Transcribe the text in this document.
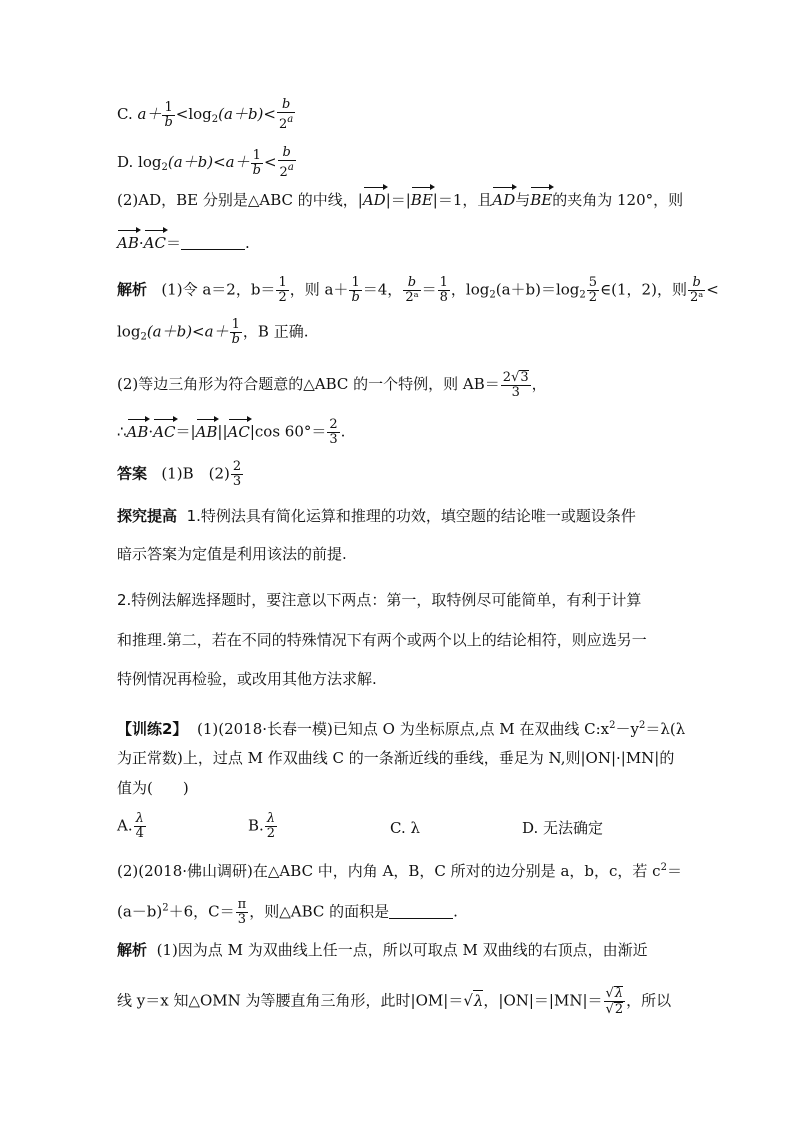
C. $a+ \frac{1}{b} <\log_2(a+b)< \frac{b}{2^a}$
D. $\log_2(a+b)<a+ \frac{1}{b} < \frac{b}{2^a}$
(2)AD，BE 分别是△ABC 的中线，|AD|＝|BE|＝1，且AD与BE的夹角为 120°，则
AB·AC＝	.
解析 (1)令 a＝2，$b= \frac{1}{2}$ ，则 $a+ \frac{1}{b} =4$， $\frac{b}{\text{2ᵃ}} = \frac{1}{8}$ ，$\log_2(a+b)=\log_2 \frac{5}{2}$ ∈(1，2)，则 $\frac{b}{\text{2ᵃ}}$ <
$\log_2(a+b)<a+ \frac{1}{b}$ ，B 正确.
(2)等边三角形为符合题意的△ABC 的一个特例，则 $AB= \frac{2√3}{3}$ ，
∴AB·AC＝|AB||AC|cos $60^\circ= \frac{2}{3}$ .
答案 (1)B　$(2) \frac{2}{3}$
探究提高 1.特例法具有简化运算和推理的功效，填空题的结论唯一或题设条件
暗示答案为定值是利用该法的前提.
2.特例法解选择题时，要注意以下两点：第一，取特例尽可能简单，有利于计算
和推理.第二，若在不同的特殊情况下有两个或两个以上的结论相符，则应选另一
特例情况再检验，或改用其他方法求解.
【训练2】 (1)(2018·长春一模)已知点 O 为坐标原点,点 M 在双曲线 $C:x^2-y^2=\lambda(\lambda$
为正常数)上，过点 M 作双曲线 C 的一条渐近线的垂线，垂足为 N,则|ON|·|MN|的
值为(　　)
A. $\frac{\lambda}{4}$	B. $\frac{\lambda}{2}$	C. λ	D. 无法确定
(2)(2018·佛山调研)在△ABC 中，内角 A，B，C 所对的边分别是 a，b，c，若 $c^2=$
$(a-b)^2+6$，$C= \frac{\pi}{3}$ ，则△ABC 的面积是	.
解析 (1)因为点 M 为双曲线上任一点，所以可取点 M 双曲线的右顶点，由渐近
线 y＝x 知△OMN 为等腰直角三角形，此时|OM|＝√λ，$|ON|=|MN|= \frac{√\lambda}{√2}$ ，所以
